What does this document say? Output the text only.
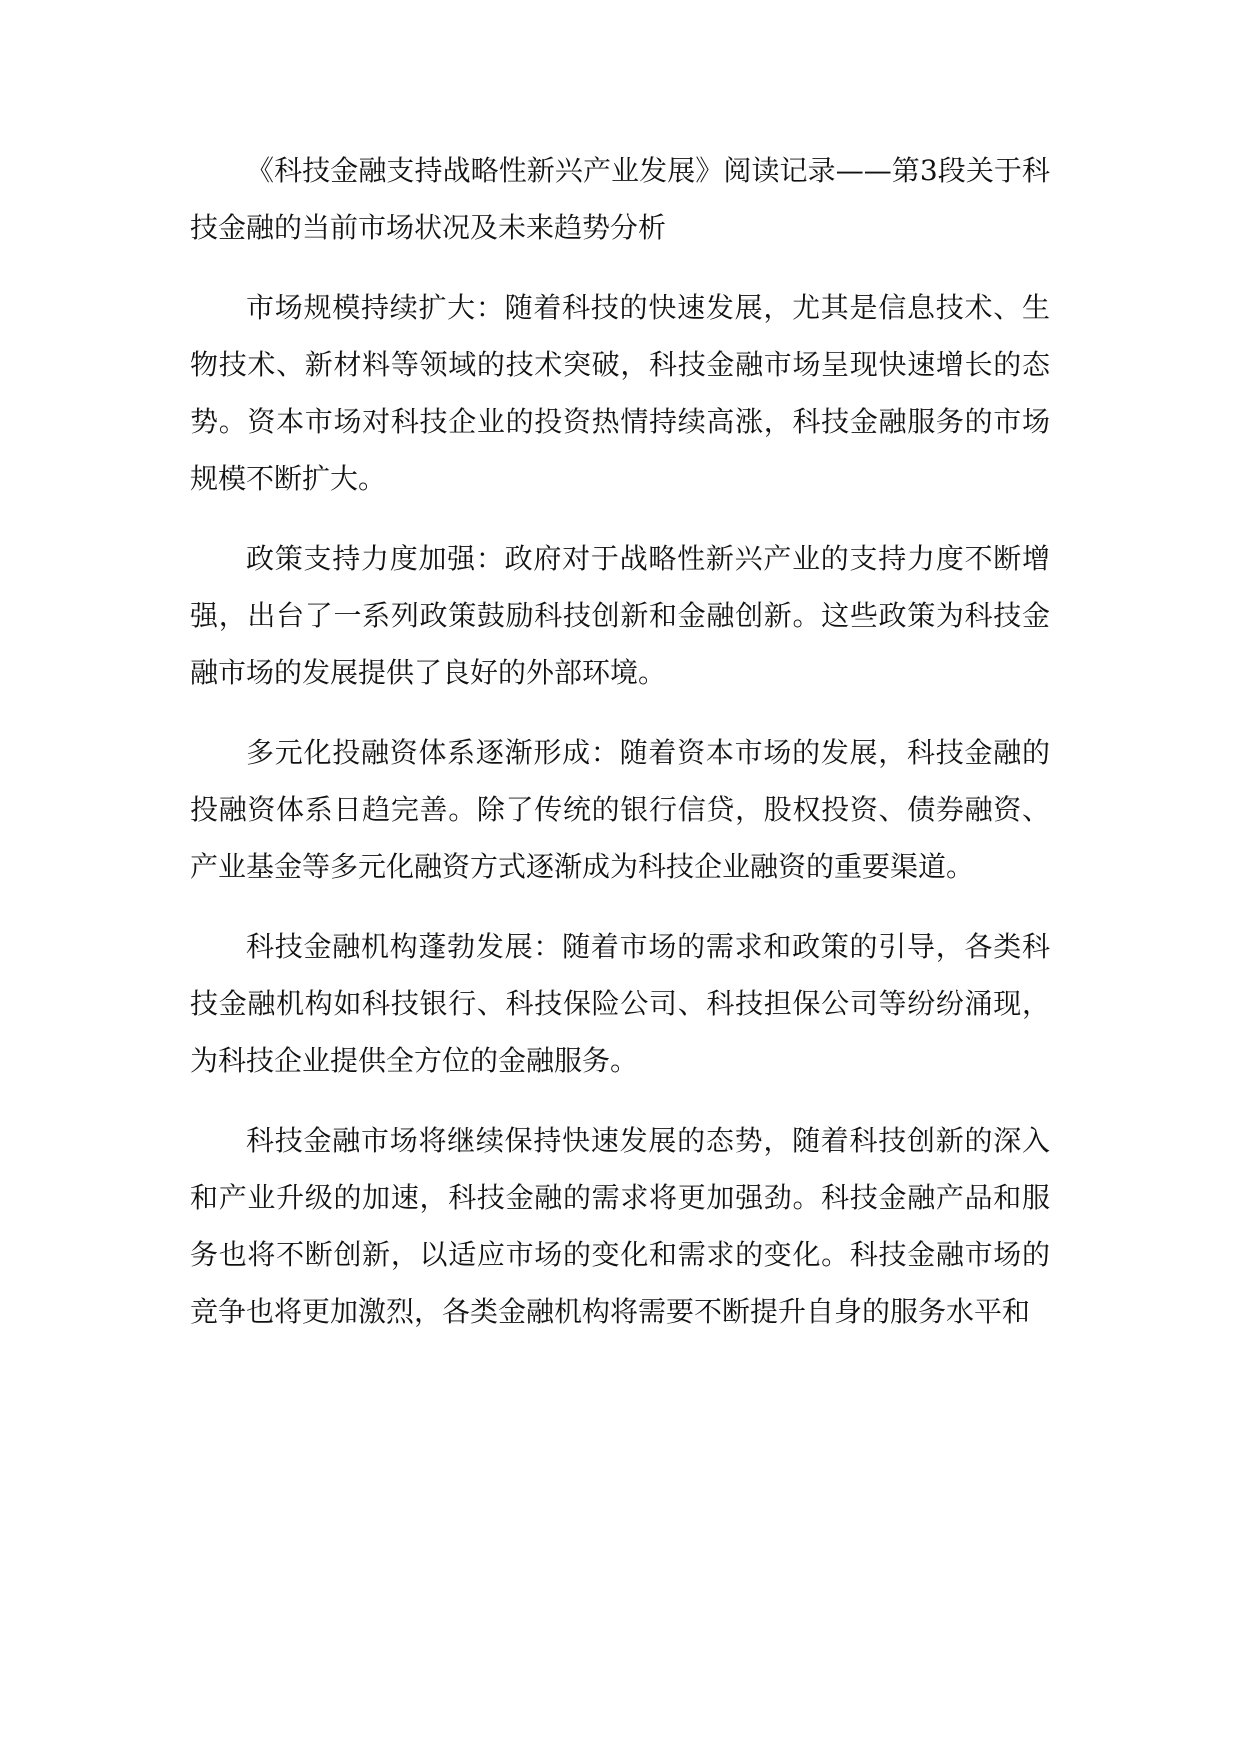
《科技金融支持战略性新兴产业发展》阅读记录——第3段关于科技金融的当前市场状况及未来趋势分析

市场规模持续扩大：随着科技的快速发展，尤其是信息技术、生物技术、新材料等领域的技术突破，科技金融市场呈现快速增长的态势。资本市场对科技企业的投资热情持续高涨，科技金融服务的市场规模不断扩大。

政策支持力度加强：政府对于战略性新兴产业的支持力度不断增强，出台了一系列政策鼓励科技创新和金融创新。这些政策为科技金融市场的发展提供了良好的外部环境。

多元化投融资体系逐渐形成：随着资本市场的发展，科技金融的投融资体系日趋完善。除了传统的银行信贷，股权投资、债券融资、产业基金等多元化融资方式逐渐成为科技企业融资的重要渠道。

科技金融机构蓬勃发展：随着市场的需求和政策的引导，各类科技金融机构如科技银行、科技保险公司、科技担保公司等纷纷涌现，为科技企业提供全方位的金融服务。

科技金融市场将继续保持快速发展的态势，随着科技创新的深入和产业升级的加速，科技金融的需求将更加强劲。科技金融产品和服务也将不断创新，以适应市场的变化和需求的变化。科技金融市场的竞争也将更加激烈，各类金融机构将需要不断提升自身的服务水平和
